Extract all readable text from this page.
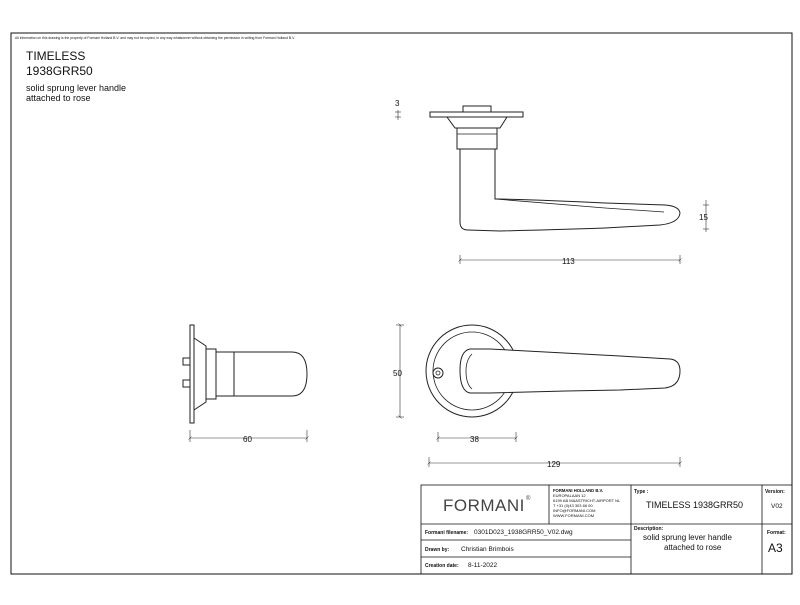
All information on this drawing is the property of Formani Holland B.V. and may not be copied, in any way whatsoever without obtaining the permission in writing from Formani Holland B.V.
TIMELESS
1938GRR50
solid sprung lever handle
attached to rose
3
15
113
60
50
38
129
FORMANI ®
FORMANI HOLLAND B.V.
EUROPALAAN 12
6199 AB MAASTRICHT-AIRPORT NL
T +31 (0)43 303 66 00
INFO@FORMANI.COM
WWW.FORMANI.COM
Type :
TIMELESS 1938GRR50
Version:
V02
Description:
solid sprung lever handle
attached to rose
Format:
A3
Formani filename: 0301D023_1938GRR50_V02.dwg
Drawn by: Christian Brimbois
Creation date: 8-11-2022
